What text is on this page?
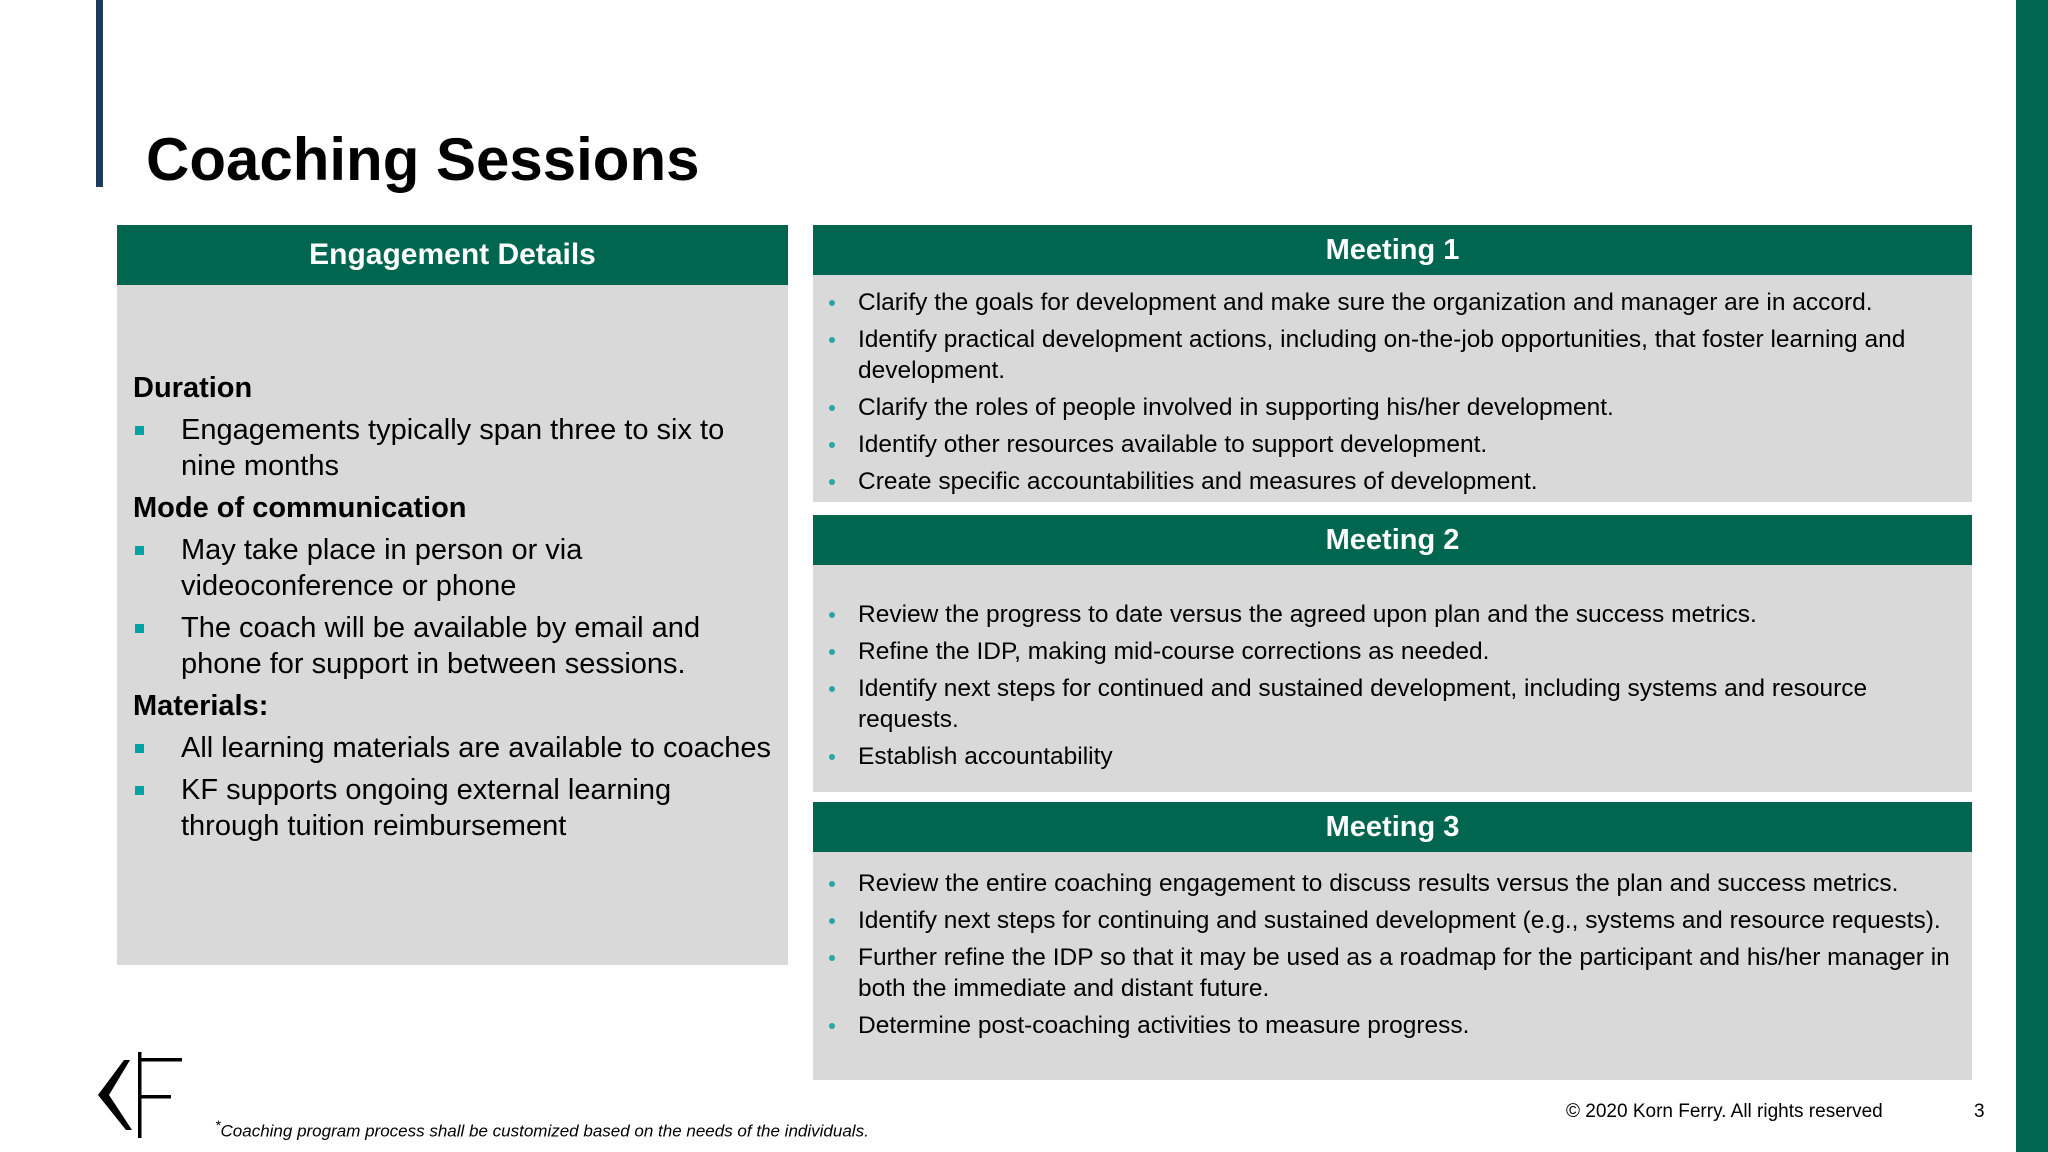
Coaching Sessions
Engagement Details
Duration
Engagements typically span three to six to nine months
Mode of communication
May take place in person or via videoconference or phone
The coach will be available by email and phone for support in between sessions.
Materials:
All learning materials are available to coaches
KF supports ongoing external learning through tuition reimbursement
Meeting 1
Clarify the goals for development and make sure the organization and manager are in accord.
Identify practical development actions, including on-the-job opportunities, that foster learning and development.
Clarify the roles of people involved in supporting his/her development.
Identify other resources available to support development.
Create specific accountabilities and measures of development.
Meeting 2
Review the progress to date versus the agreed upon plan and the success metrics.
Refine the IDP, making mid-course corrections as needed.
Identify next steps for continued and sustained development, including systems and resource requests.
Establish accountability
Meeting 3
Review the entire coaching engagement to discuss results versus the plan and success metrics.
Identify next steps for continuing and sustained development (e.g., systems and resource requests).
Further refine the IDP so that it may be used as a roadmap for the participant and his/her manager in both the immediate and distant future.
Determine post-coaching activities to measure progress.
*Coaching program process shall be customized based on the needs of the individuals.
© 2020 Korn Ferry. All rights reserved	3
